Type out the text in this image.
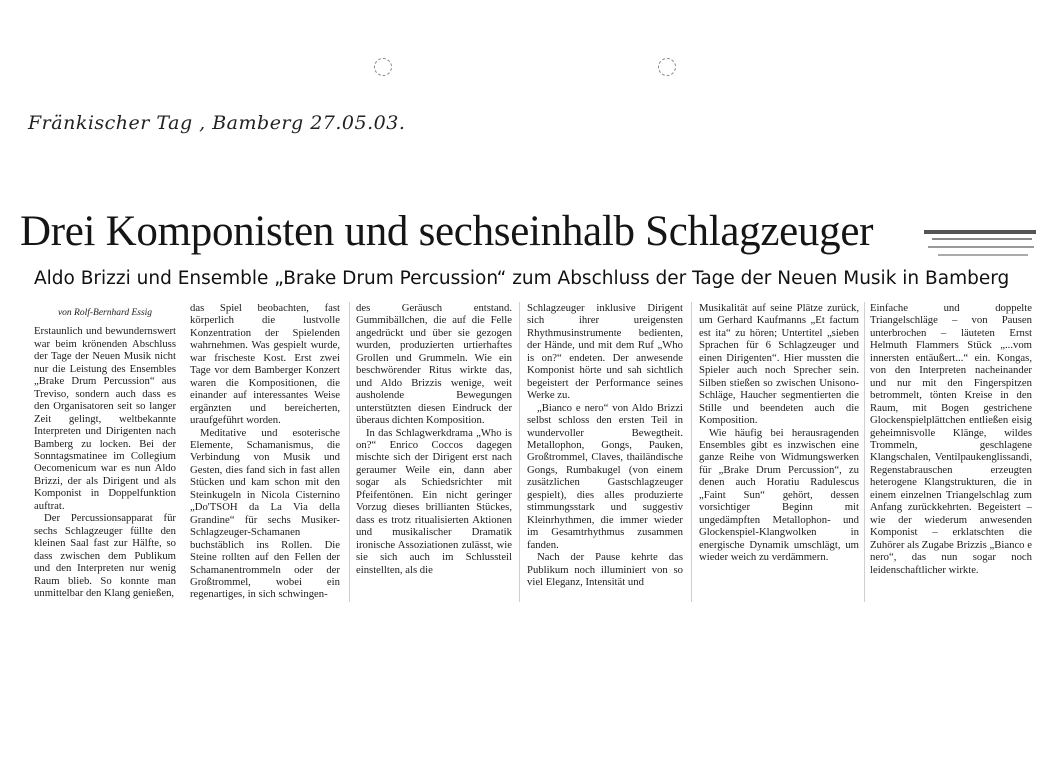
Fränkischer Tag , Bamberg 27.05.03.
Drei Komponisten und sechseinhalb Schlagzeuger
Aldo Brizzi und Ensemble „Brake Drum Percussion“ zum Abschluss der Tage der Neuen Musik in Bamberg
von Rolf-Bernhard Essig

Erstaunlich und bewundernswert war beim krönenden Abschluss der Tage der Neuen Musik nicht nur die Leistung des Ensembles „Brake Drum Percussion“ aus Treviso, sondern auch dass es den Organisatoren seit so langer Zeit gelingt, weltbekannte Interpreten und Dirigenten nach Bamberg zu locken. Bei der Sonntagsmatinee im Collegium Oecomenicum war es nun Aldo Brizzi, der als Dirigent und als Komponist in Doppelfunktion auftrat.

Der Percussionsapparat für sechs Schlagzeuger füllte den kleinen Saal fast zur Hälfte, so dass zwischen dem Publikum und den Interpreten nur wenig Raum blieb. So konnte man unmittelbar den Klang genießen,

das Spiel beobachten, fast körperlich die lustvolle Konzentration der Spielenden wahrnehmen. Was gespielt wurde, war frischeste Kost. Erst zwei Tage vor dem Bamberger Konzert waren die Kompositionen, die einander auf interessantes Weise ergänzten und bereicherten, uraufgeführt worden.

Meditative und esoterische Elemente, Schamanismus, die Verbindung von Musik und Gesten, dies fand sich in fast allen Stücken und kam schon mit den Steinkugeln in Nicola Cisternino „Do'TSOH da La Via della Grandine“ für sechs Musiker-Schlagzeuger-Schamanen buchstäblich ins Rollen. Die Steine rollten auf den Fellen der Schamanentrommeln oder der Großtrommel, wobei ein regenartiges, in sich schwingen-

des Geräusch entstand. Gummibällchen, die auf die Felle angedrückt und über sie gezogen wurden, produzierten urtierhaftes Grollen und Grummeln. Wie ein beschwörender Ritus wirkte das, und Aldo Brizzis wenige, weit ausholende Bewegungen unterstützten diesen Eindruck der überaus dichten Komposition.

In das Schlagwerkdrama „Who is on?“ Enrico Coccos dagegen mischte sich der Dirigent erst nach geraumer Weile ein, dann aber sogar als Schiedsrichter mit Pfeifentönen. Ein nicht geringer Vorzug dieses brillianten Stückes, dass es trotz ritualisierten Aktionen und musikalischer Dramatik ironische Assoziationen zulässt, wie sie sich auch im Schlussteil einstellten, als die

Schlagzeuger inklusive Dirigent sich ihrer ureigensten Rhythmusinstrumente bedienten, der Hände, und mit dem Ruf „Who is on?“ endeten. Der anwesende Komponist hörte und sah sichtlich begeistert der Performance seines Werke zu.

„Bianco e nero“ von Aldo Brizzi selbst schloss den ersten Teil in wundervoller Bewegtheit. Metallophon, Gongs, Pauken, Großtrommel, Claves, thailändische Gongs, Rumbakugel (von einem zusätzlichen Gastschlagzeuger gespielt), dies alles produzierte stimmungsstark und suggestiv Kleinrhythmen, die immer wieder im Gesamtrhythmus zusammen fanden.

Nach der Pause kehrte das Publikum noch illuminiert von so viel Eleganz, Intensität und

Musikalität auf seine Plätze zurück, um Gerhard Kaufmanns „Et factum est ita“ zu hören; Untertitel „sieben Sprachen für 6 Schlagzeuger und einen Dirigenten“. Hier mussten die Spieler auch noch Sprecher sein. Silben stießen so zwischen Unisono-Schläge, Haucher segmentierten die Stille und beendeten auch die Komposition.

Wie häufig bei herausragenden Ensembles gibt es inzwischen eine ganze Reihe von Widmungswerken für „Brake Drum Percussion“, zu denen auch Horatiu Radulescus „Faint Sun“ gehört, dessen vorsichtiger Beginn mit ungedämpften Metallophon- und Glockenspiel-Klangwolken in energische Dynamik umschlägt, um wieder weich zu verdämmern.

Einfache und doppelte Triangelschläge – von Pausen unterbrochen – läuteten Ernst Helmuth Flammers Stück „...vom innersten entäußert...“ ein. Kongas, von den Interpreten nacheinander und nur mit den Fingerspitzen betrommelt, tönten Kreise in den Raum, mit Bogen gestrichene Glockenspielplättchen entließen eisig geheimnisvolle Klänge, wildes Trommeln, geschlagene Klangschalen, Ventilpaukenglissandi, Regenstabrauschen erzeugten heterogene Klangstrukturen, die in einem einzelnen Triangelschlag zum Anfang zurückkehrten. Begeistert – wie der wiederum anwesenden Komponist – erklatschten die Zuhörer als Zugabe Brizzis „Bianco e nero“, das nun sogar noch leidenschaftlicher wirkte.
